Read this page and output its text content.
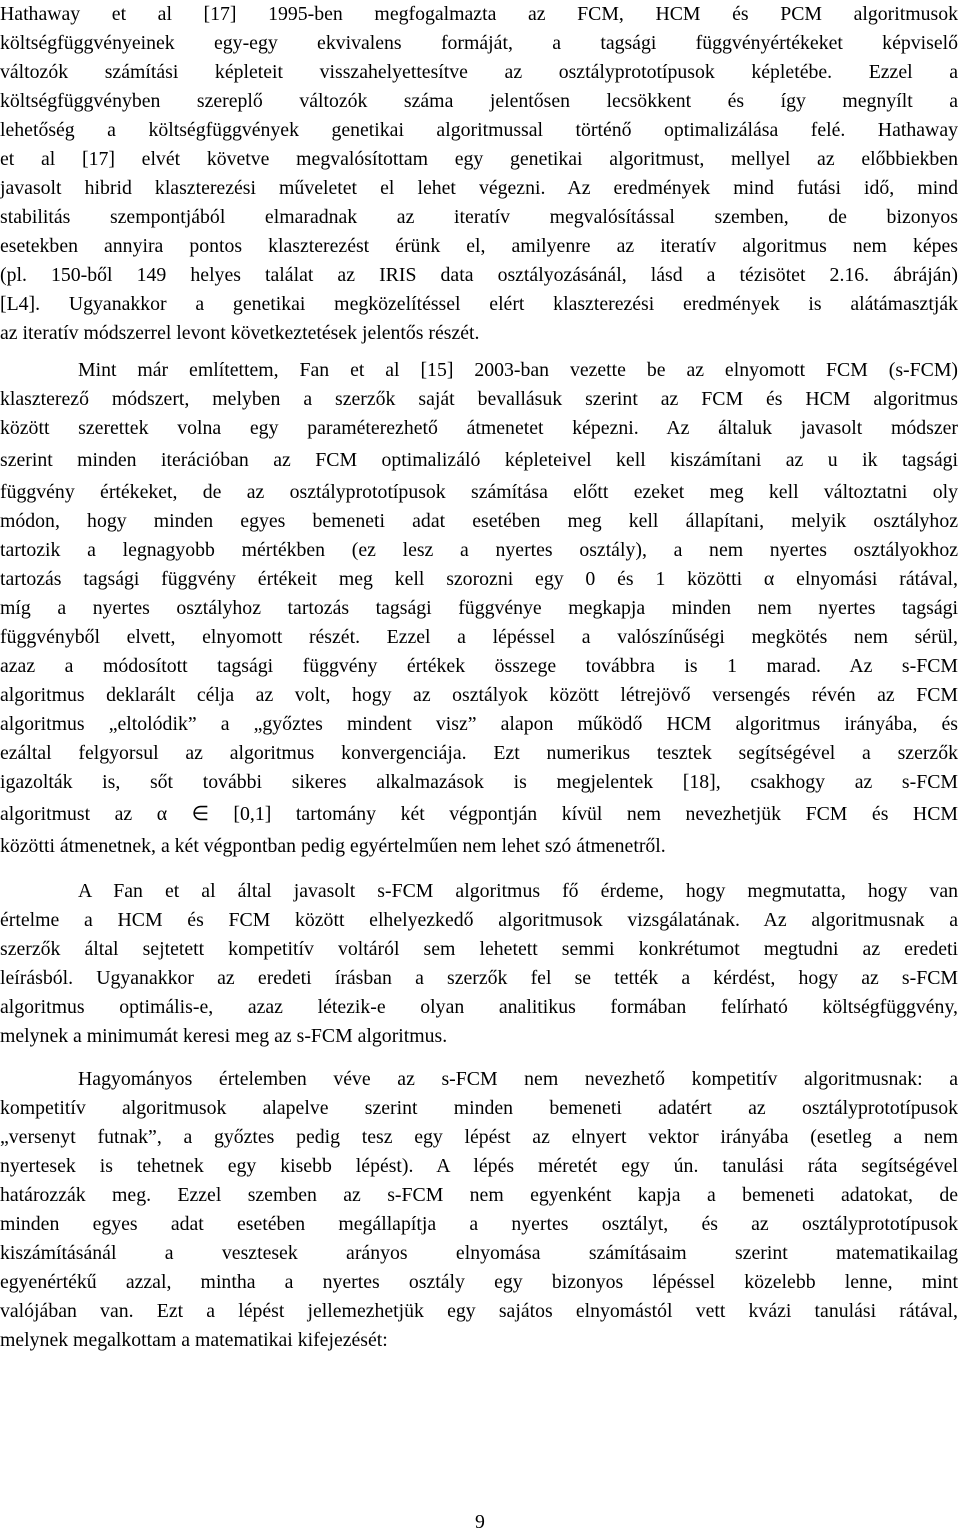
Hathaway et al [17] 1995-ben megfogalmazta az FCM, HCM és PCM algoritmusok
költségfüggvényeinek egy-egy ekvivalens formáját, a tagsági függvényértékeket képviselő
változók számítási képleteit visszahelyettesítve az osztályprototípusok képletébe. Ezzel a
költségfüggvényben szereplő változók száma jelentősen lecsökkent és így megnyílt a
lehetőség a költségfüggvények genetikai algoritmussal történő optimalizálása felé. Hathaway
et al [17] elvét követve megvalósítottam egy genetikai algoritmust, mellyel az előbbiekben
javasolt hibrid klaszterezési műveletet el lehet végezni. Az eredmények mind futási idő, mind
stabilitás szempontjából elmaradnak az iteratív megvalósítással szemben, de bizonyos
esetekben annyira pontos klaszterezést érünk el, amilyenre az iteratív algoritmus nem képes
(pl. 150-ből 149 helyes találat az IRIS data osztályozásánál, lásd a tézisötet 2.16. ábráján)
[L4]. Ugyanakkor a genetikai megközelítéssel elért klaszterezési eredmények is alátámasztják
az iteratív módszerrel levont következtetések jelentős részét.
Mint már említettem, Fan et al [15] 2003-ban vezette be az elnyomott FCM (s-FCM)
klaszterező módszert, melyben a szerzők saját bevallásuk szerint az FCM és HCM algoritmus
között szerettek volna egy paraméterezhető átmenetet képezni. Az általuk javasolt módszer
szerint minden iterációban az FCM optimalizáló képleteivel kell kiszámítani az u ik tagsági
függvény értékeket, de az osztályprototípusok számítása előtt ezeket meg kell változtatni oly
módon, hogy minden egyes bemeneti adat esetében meg kell állapítani, melyik osztályhoz
tartozik a legnagyobb mértékben (ez lesz a nyertes osztály), a nem nyertes osztályokhoz
tartozás tagsági függvény értékeit meg kell szorozni egy 0 és 1 közötti α elnyomási rátával,
míg a nyertes osztályhoz tartozás tagsági függvénye megkapja minden nem nyertes tagsági
függvényből elvett, elnyomott részét. Ezzel a lépéssel a valószínűségi megkötés nem sérül,
azaz a módosított tagsági függvény értékek összege továbbra is 1 marad. Az s-FCM
algoritmus deklarált célja az volt, hogy az osztályok között létrejövő versengés révén az FCM
algoritmus „eltolódik” a „győztes mindent visz” alapon működő HCM algoritmus irányába, és
ezáltal felgyorsul az algoritmus konvergenciája. Ezt numerikus tesztek segítségével a szerzők
igazolták is, sőt további sikeres alkalmazások is megjelentek [18], csakhogy az s-FCM
algoritmust az α ∈ [0,1] tartomány két végpontján kívül nem nevezhetjük FCM és HCM
közötti átmenetnek, a két végpontban pedig egyértelműen nem lehet szó átmenetről.
A Fan et al által javasolt s-FCM algoritmus fő érdeme, hogy megmutatta, hogy van
értelme a HCM és FCM között elhelyezkedő algoritmusok vizsgálatának. Az algoritmusnak a
szerzők által sejtetett kompetitív voltáról sem lehetett semmi konkrétumot megtudni az eredeti
leírásból. Ugyanakkor az eredeti írásban a szerzők fel se tették a kérdést, hogy az s-FCM
algoritmus optimális-e, azaz létezik-e olyan analitikus formában felírható költségfüggvény,
melynek a minimumát keresi meg az s-FCM algoritmus.
Hagyományos értelemben véve az s-FCM nem nevezhető kompetitív algoritmusnak: a
kompetitív algoritmusok alapelve szerint minden bemeneti adatért az osztályprototípusok
„versenyt futnak”, a győztes pedig tesz egy lépést az elnyert vektor irányába (esetleg a nem
nyertesek is tehetnek egy kisebb lépést). A lépés méretét egy ún. tanulási ráta segítségével
határozzák meg. Ezzel szemben az s-FCM nem egyenként kapja a bemeneti adatokat, de
minden egyes adat esetében megállapítja a nyertes osztályt, és az osztályprototípusok
kiszámításánál a vesztesek arányos elnyomása számításaim szerint matematikailag
egyenértékű azzal, mintha a nyertes osztály egy bizonyos lépéssel közelebb lenne, mint
valójában van. Ezt a lépést jellemezhetjük egy sajátos elnyomástól vett kvázi tanulási rátával,
melynek megalkottam a matematikai kifejezését:
9
